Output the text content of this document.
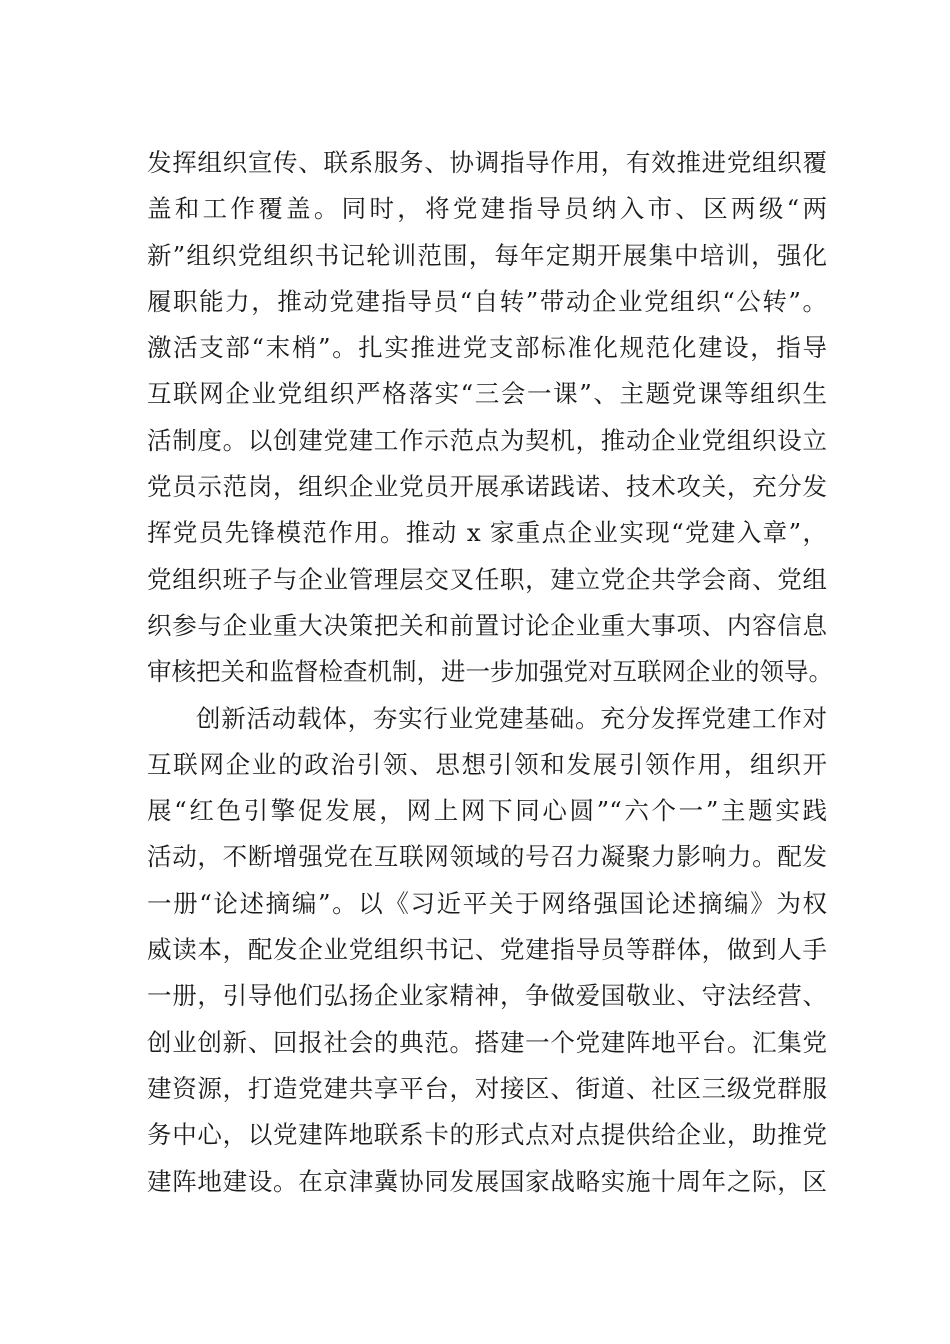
发挥组织宣传、联系服务、协调指导作用，有效推进党组织覆
盖和工作覆盖。同时，将党建指导员纳入市、区两级“两
新”组织党组织书记轮训范围，每年定期开展集中培训，强化
履职能力，推动党建指导员“自转”带动企业党组织“公转”。
激活支部“末梢”。扎实推进党支部标准化规范化建设，指导
互联网企业党组织严格落实“三会一课”、主题党课等组织生
活制度。以创建党建工作示范点为契机，推动企业党组织设立
党员示范岗，组织企业党员开展承诺践诺、技术攻关，充分发
挥党员先锋模范作用。推动 x 家重点企业实现“党建入章”，
党组织班子与企业管理层交叉任职，建立党企共学会商、党组
织参与企业重大决策把关和前置讨论企业重大事项、内容信息
审核把关和监督检查机制，进一步加强党对互联网企业的领导。
创新活动载体，夯实行业党建基础。充分发挥党建工作对
互联网企业的政治引领、思想引领和发展引领作用，组织开
展“红色引擎促发展，网上网下同心圆”“六个一”主题实践
活动，不断增强党在互联网领域的号召力凝聚力影响力。配发
一册“论述摘编”。以《习近平关于网络强国论述摘编》为权
威读本，配发企业党组织书记、党建指导员等群体，做到人手
一册，引导他们弘扬企业家精神，争做爱国敬业、守法经营、
创业创新、回报社会的典范。搭建一个党建阵地平台。汇集党
建资源，打造党建共享平台，对接区、街道、社区三级党群服
务中心，以党建阵地联系卡的形式点对点提供给企业，助推党
建阵地建设。在京津冀协同发展国家战略实施十周年之际，区
